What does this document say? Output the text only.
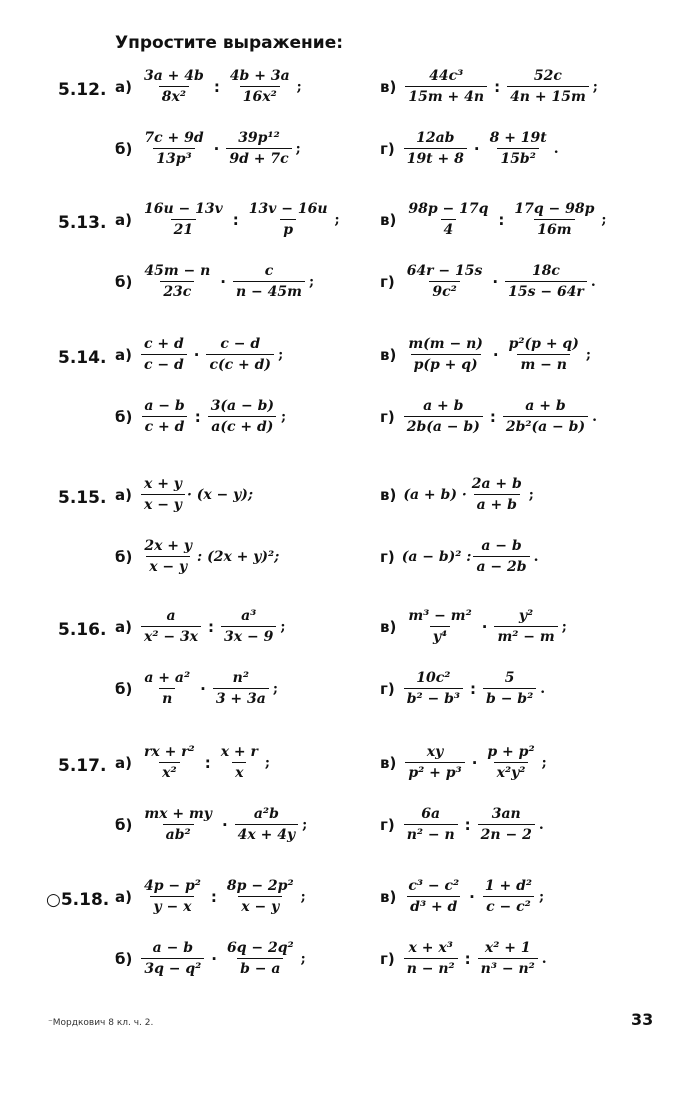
Упростите выражение:
5.12. $а) \frac{3a + 4b}{\text{8x²}}$ : $\frac{4b + 3a}{\text{16x²}}$ ;	$в) \frac{\text{44c³}}{15m + 4n}$ : $\frac{52c}{4n + 15m}$ ;
$б) \frac{7c + 9d}{\text{13p³}} \cdot \frac{\text{39p¹²}}{9d + 7c}$ ;	$г) \frac{12ab}{19t + 8} \cdot \frac{8 + 19t}{\text{15b²}}$ .
5.13. $а) \frac{16u - 13v}{21}$ : $\frac{13v - 16u}{p}$ ;	$в) \frac{98p - 17q}{4}$ : $\frac{17q - 98p}{16m}$ ;
$б) \frac{45m - n}{23c} \cdot \frac{c}{n - 45m}$ ;	$г) \frac{64r - 15s}{\text{9c²}} \cdot \frac{18c}{15s - 64r}$ .
5.14. $а) \frac{c + d}{c - d} \cdot \frac{c - d}{c(c + d)}$ ;	$в) \frac{m(m - n)}{p(p + q)} \cdot \frac{\text{p²(p + q)}}{m - n}$ ;
$б) \frac{a - b}{c + d}$ : $\frac{3(a - b)}{a(c + d)}$ ;	$г) \frac{a + b}{2b(a - b)}$ : $\frac{a + b}{\text{2b²(a − b)}}$ .
5.15. $а) \frac{x + y}{x - y} \cdot (x - y)$;	в) $(a + b) \cdot \frac{2a + b}{a + b}$ ;
$б) \frac{2x + y}{x - y}$ : (2x + y)²;	г) (a − b)² : $\frac{a - b}{a - 2b}$ .
5.16. $а) \frac{a}{\text{x² − 3x}}$ : $\frac{\text{a³}}{3x - 9}$ ;	$в) \frac{\text{m³ − m²}}{\text{y⁴}} \cdot \frac{\text{y²}}{\text{m² − m}}$ ;
$б) \frac{\text{a + a²}}{n} \cdot \frac{\text{n²}}{3 + 3a}$ ;	$г) \frac{\text{10c²}}{\text{b² − b³}}$ : $\frac{5}{\text{b − b²}}$ .
5.17. $а) \frac{\text{rx + r²}}{\text{x²}}$ : $\frac{x + r}{x}$ ;	$в) \frac{xy}{\text{p² + p³}} \cdot \frac{\text{p + p²}}{\text{x²y²}}$ ;
$б) \frac{mx + my}{\text{ab²}} \cdot \frac{\text{a²b}}{4x + 4y}$ ;	$г) \frac{6a}{\text{n² − n}}$ : $\frac{3an}{2n - 2}$ .
○5.18. $а) \frac{\text{4p − p²}}{y - x}$ : $\frac{\text{8p − 2p²}}{x - y}$ ;	$в) \frac{\text{c³ − c²}}{\text{d³ + d}} \cdot \frac{\text{1 + d²}}{\text{c − c²}}$ ;
$б) \frac{a - b}{\text{3q − q²}} \cdot \frac{\text{6q − 2q²}}{b - a}$ ;	$г) \frac{\text{x + x³}}{\text{n − n²}}$ : $\frac{\text{x² + 1}}{\text{n³ − n²}}$ .
⁻Мордкович 8 кл. ч. 2.	33
